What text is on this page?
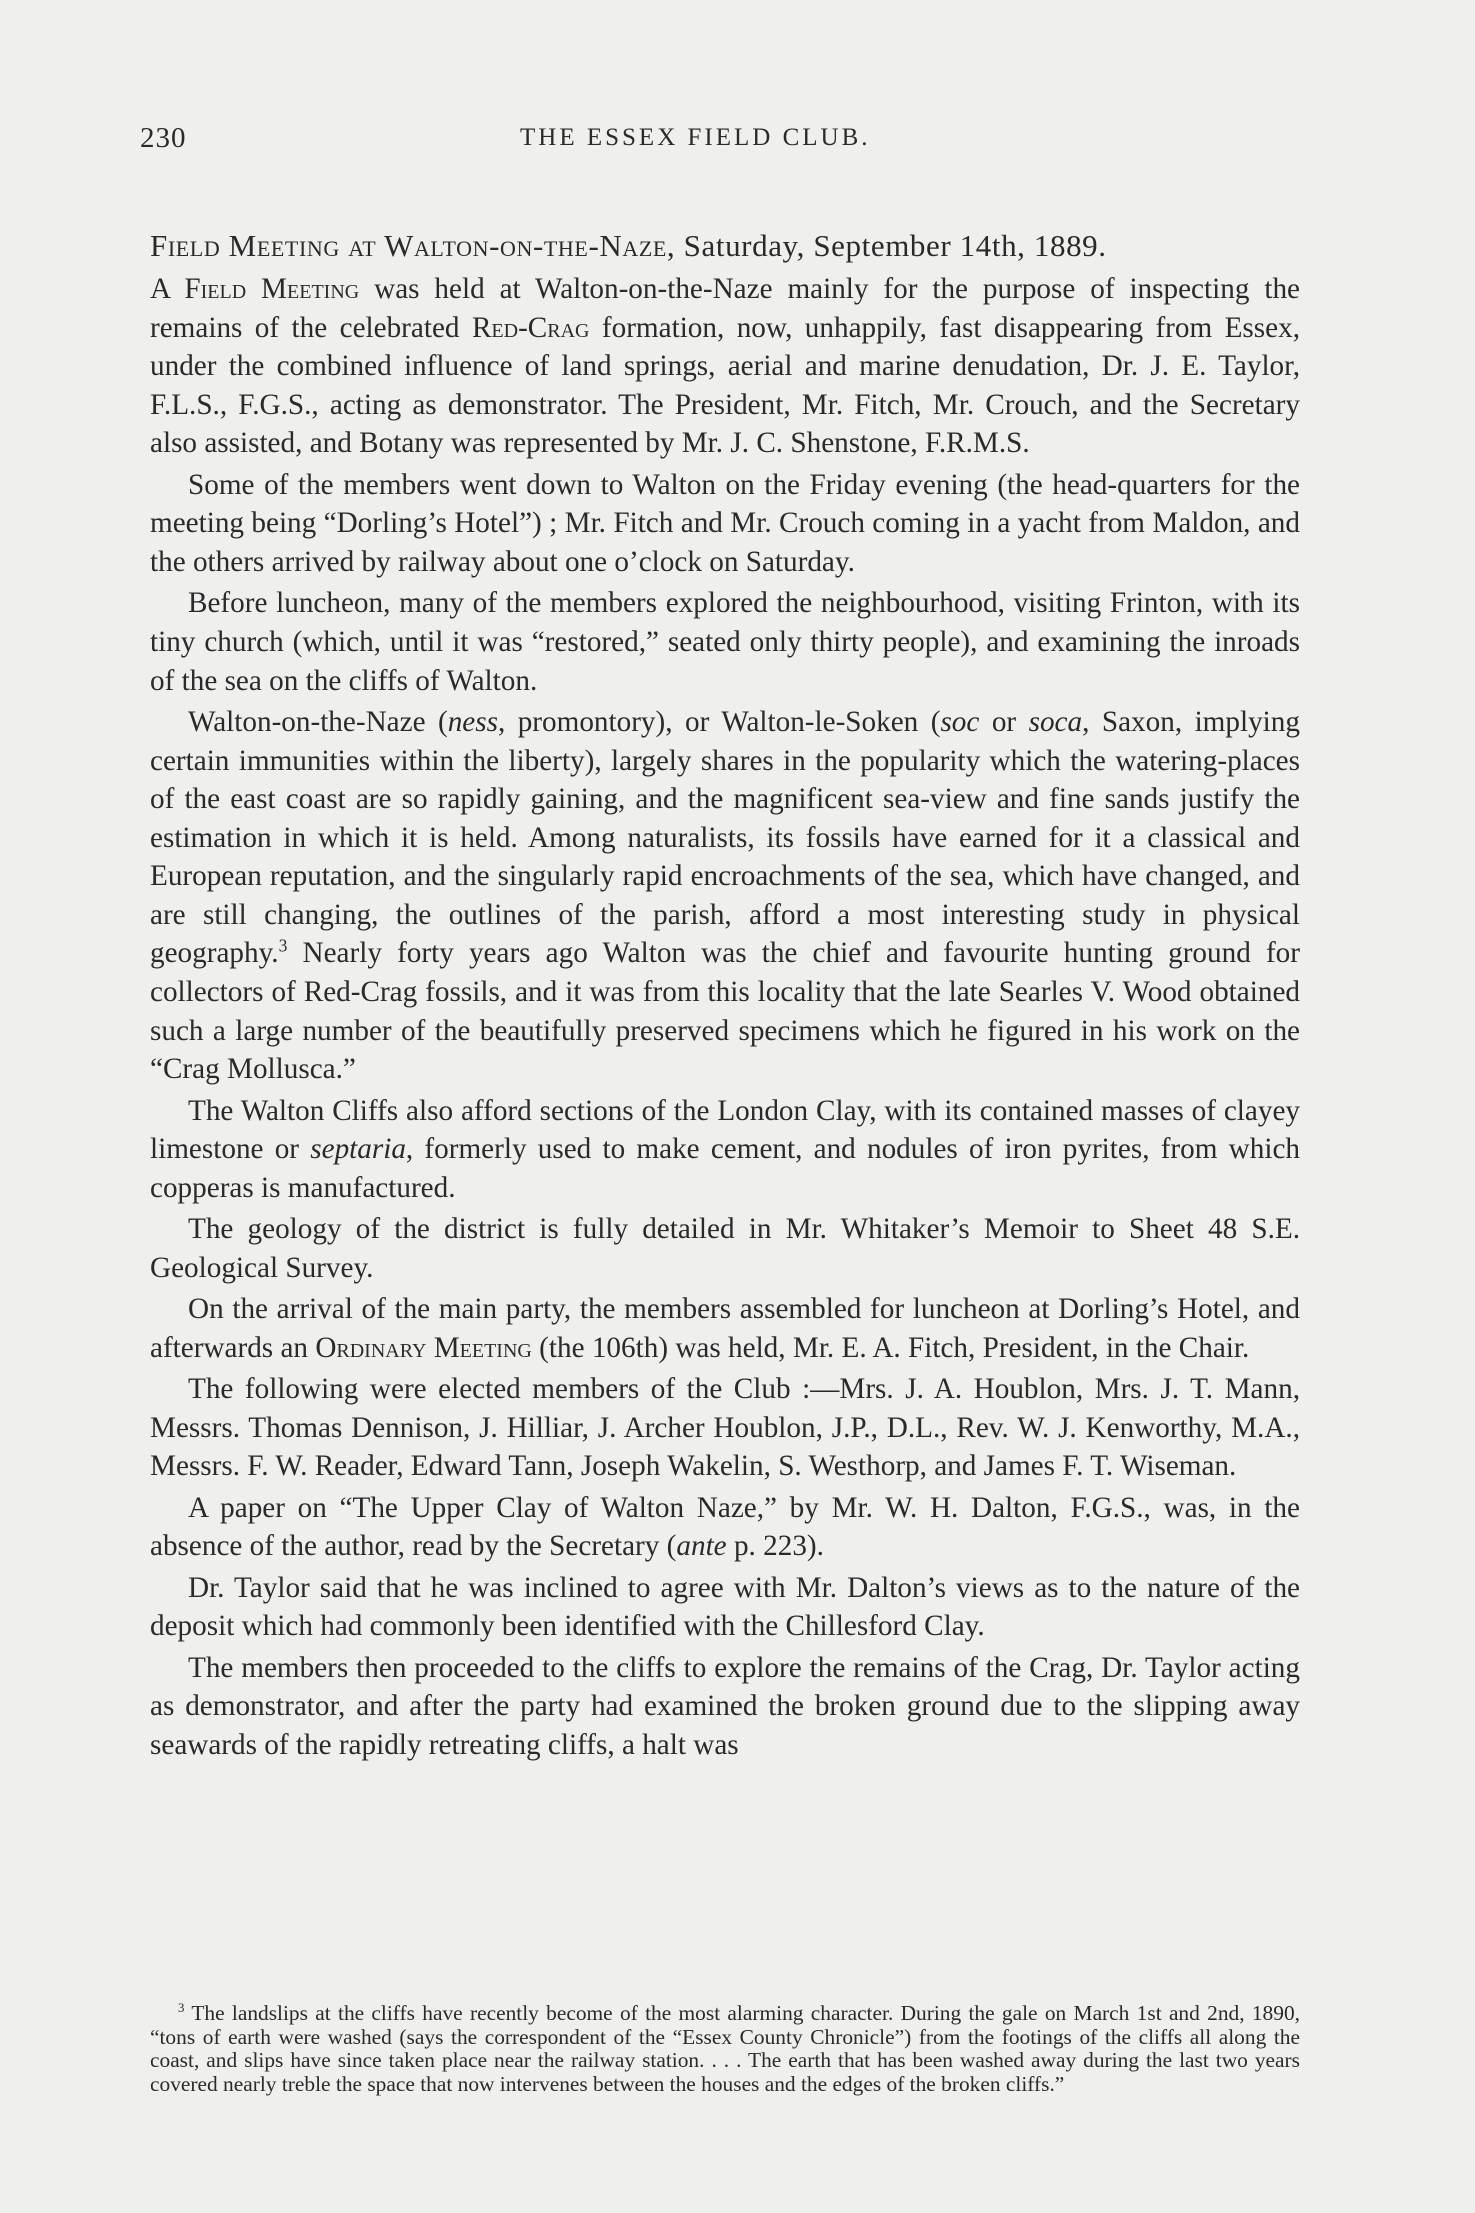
230	THE ESSEX FIELD CLUB.
Field Meeting at Walton-on-the-Naze, Saturday, September 14th, 1889.

A Field Meeting was held at Walton-on-the-Naze mainly for the purpose of inspecting the remains of the celebrated Red-Crag formation, now, unhappily, fast disappearing from Essex, under the combined influence of land springs, aerial and marine denudation, Dr. J. E. Taylor, F.L.S., F.G.S., acting as demonstrator. The President, Mr. Fitch, Mr. Crouch, and the Secretary also assisted, and Botany was represented by Mr. J. C. Shenstone, F.R.M.S.

Some of the members went down to Walton on the Friday evening (the head-quarters for the meeting being “Dorling’s Hotel”) ; Mr. Fitch and Mr. Crouch coming in a yacht from Maldon, and the others arrived by railway about one o’clock on Saturday.

Before luncheon, many of the members explored the neighbourhood, visiting Frinton, with its tiny church (which, until it was “restored,” seated only thirty people), and examining the inroads of the sea on the cliffs of Walton.

Walton-on-the-Naze (ness, promontory), or Walton-le-Soken (soc or soca, Saxon, implying certain immunities within the liberty), largely shares in the popularity which the watering-places of the east coast are so rapidly gaining, and the magnificent sea-view and fine sands justify the estimation in which it is held. Among naturalists, its fossils have earned for it a classical and European reputation, and the singularly rapid encroachments of the sea, which have changed, and are still changing, the outlines of the parish, afford a most interesting study in physical geography.$^3$ Nearly forty years ago Walton was the chief and favourite hunting ground for collectors of Red-Crag fossils, and it was from this locality that the late Searles V. Wood obtained such a large number of the beautifully preserved specimens which he figured in his work on the “Crag Mollusca.”

The Walton Cliffs also afford sections of the London Clay, with its contained masses of clayey limestone or septaria, formerly used to make cement, and nodules of iron pyrites, from which copperas is manufactured.

The geology of the district is fully detailed in Mr. Whitaker’s Memoir to Sheet 48 S.E. Geological Survey.

On the arrival of the main party, the members assembled for luncheon at Dorling’s Hotel, and afterwards an Ordinary Meeting (the 106th) was held, Mr. E. A. Fitch, President, in the Chair.

The following were elected members of the Club :—Mrs. J. A. Houblon, Mrs. J. T. Mann, Messrs. Thomas Dennison, J. Hilliar, J. Archer Houblon, J.P., D.L., Rev. W. J. Kenworthy, M.A., Messrs. F. W. Reader, Edward Tann, Joseph Wakelin, S. Westhorp, and James F. T. Wiseman.

A paper on “The Upper Clay of Walton Naze,” by Mr. W. H. Dalton, F.G.S., was, in the absence of the author, read by the Secretary (ante p. 223).

Dr. Taylor said that he was inclined to agree with Mr. Dalton’s views as to the nature of the deposit which had commonly been identified with the Chillesford Clay.

The members then proceeded to the cliffs to explore the remains of the Crag, Dr. Taylor acting as demonstrator, and after the party had examined the broken ground due to the slipping away seawards of the rapidly retreating cliffs, a halt was

$^3$ The landslips at the cliffs have recently become of the most alarming character. During the gale on March 1st and 2nd, 1890, “tons of earth were washed (says the correspondent of the “Essex County Chronicle”) from the footings of the cliffs all along the coast, and slips have since taken place near the railway station. . . . The earth that has been washed away during the last two years covered nearly treble the space that now intervenes between the houses and the edges of the broken cliffs.”
